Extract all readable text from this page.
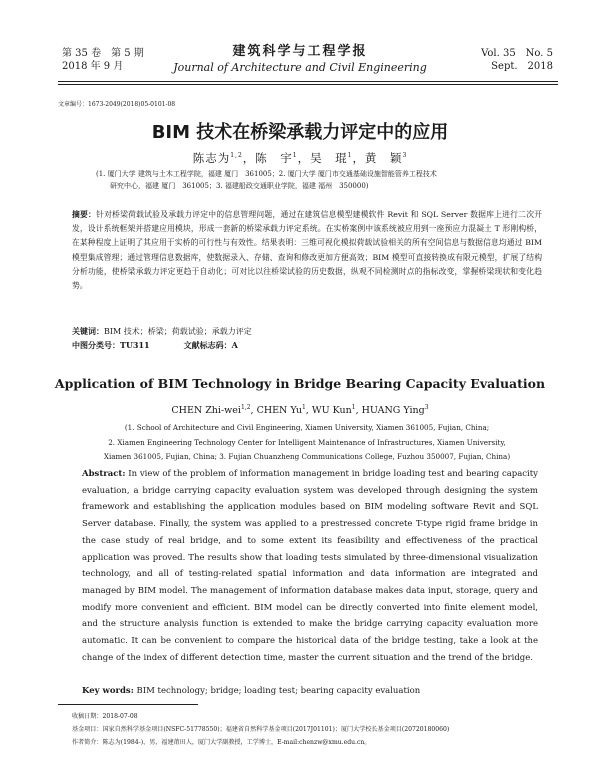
第 35 卷　第 5 期
2018 年 9 月
建筑科学与工程学报
Journal of Architecture and Civil Engineering
Vol. 35　No. 5
Sept.　2018
文章编号：1673-2049(2018)05-0101-08
BIM 技术在桥梁承载力评定中的应用
陈志为$^{1,2}$，陈　宇$^1$，吴　琨$^1$，黄　颖$^3$
(1. 厦门大学 建筑与土木工程学院，福建 厦门　361005；2. 厦门大学 厦门市交通基础设施智能管养工程技术
研究中心，福建 厦门　361005；3. 福建船政交通职业学院，福建 福州　350000)
摘要：针对桥梁荷载试验及承载力评定中的信息管理问题，通过在建筑信息模型建模软件 Revit 和 SQL Server 数据库上进行二次开发，设计系统框架并搭建应用模块，形成一套新的桥梁承载力评定系统。在实桥案例中该系统被应用到一座预应力混凝土 T 形刚构桥，在某种程度上证明了其应用于实桥的可行性与有效性。结果表明：三维可视化模拟荷载试验相关的所有空间信息与数据信息均通过 BIM 模型集成管理；通过管理信息数据库，使数据录入、存储、查询和修改更加方便高效；BIM 模型可直接转换成有限元模型，扩展了结构分析功能，使桥梁承载力评定更趋于自动化；可对比以往桥梁试验的历史数据，纵观不同检测时点的指标改变，掌握桥梁现状和变化趋势。
关键词：BIM 技术；桥梁；荷载试验；承载力评定
中图分类号：TU311	文献标志码：A
Application of BIM Technology in Bridge Bearing Capacity Evaluation
CHEN Zhi-wei$^{1,2}$, CHEN Yu$^1$, WU Kun$^1$, HUANG Ying$^3$
(1. School of Architecture and Civil Engineering, Xiamen University, Xiamen 361005, Fujian, China;
2. Xiamen Engineering Technology Center for Intelligent Maintenance of Infrastructures, Xiamen University,
Xiamen 361005, Fujian, China; 3. Fujian Chuanzheng Communications College, Fuzhou 350007, Fujian, China)
Abstract: In view of the problem of information management in bridge loading test and bearing capacity evaluation, a bridge carrying capacity evaluation system was developed through designing the system framework and establishing the application modules based on BIM modeling software Revit and SQL Server database. Finally, the system was applied to a prestressed concrete T-type rigid frame bridge in the case study of real bridge, and to some extent its feasibility and effectiveness of the practical application was proved. The results show that loading tests simulated by three-dimensional visualization technology, and all of testing-related spatial information and data information are integrated and managed by BIM model. The management of information database makes data input, storage, query and modify more convenient and efficient. BIM model can be directly converted into finite element model, and the structure analysis function is extended to make the bridge carrying capacity evaluation more automatic. It can be convenient to compare the historical data of the bridge testing, take a look at the change of the index of different detection time, master the current situation and the trend of the bridge.
Key words: BIM technology; bridge; loading test; bearing capacity evaluation
收稿日期：2018-07-08
基金项目：国家自然科学基金项目(NSFC-51778550)；福建省自然科学基金项目(2017J01101)；厦门大学校长基金项目(20720180060)
作者简介：陈志为(1984-)，男，福建莆田人，厦门大学副教授，工学博士，E-mail:chenzw@xmu.edu.cn。
